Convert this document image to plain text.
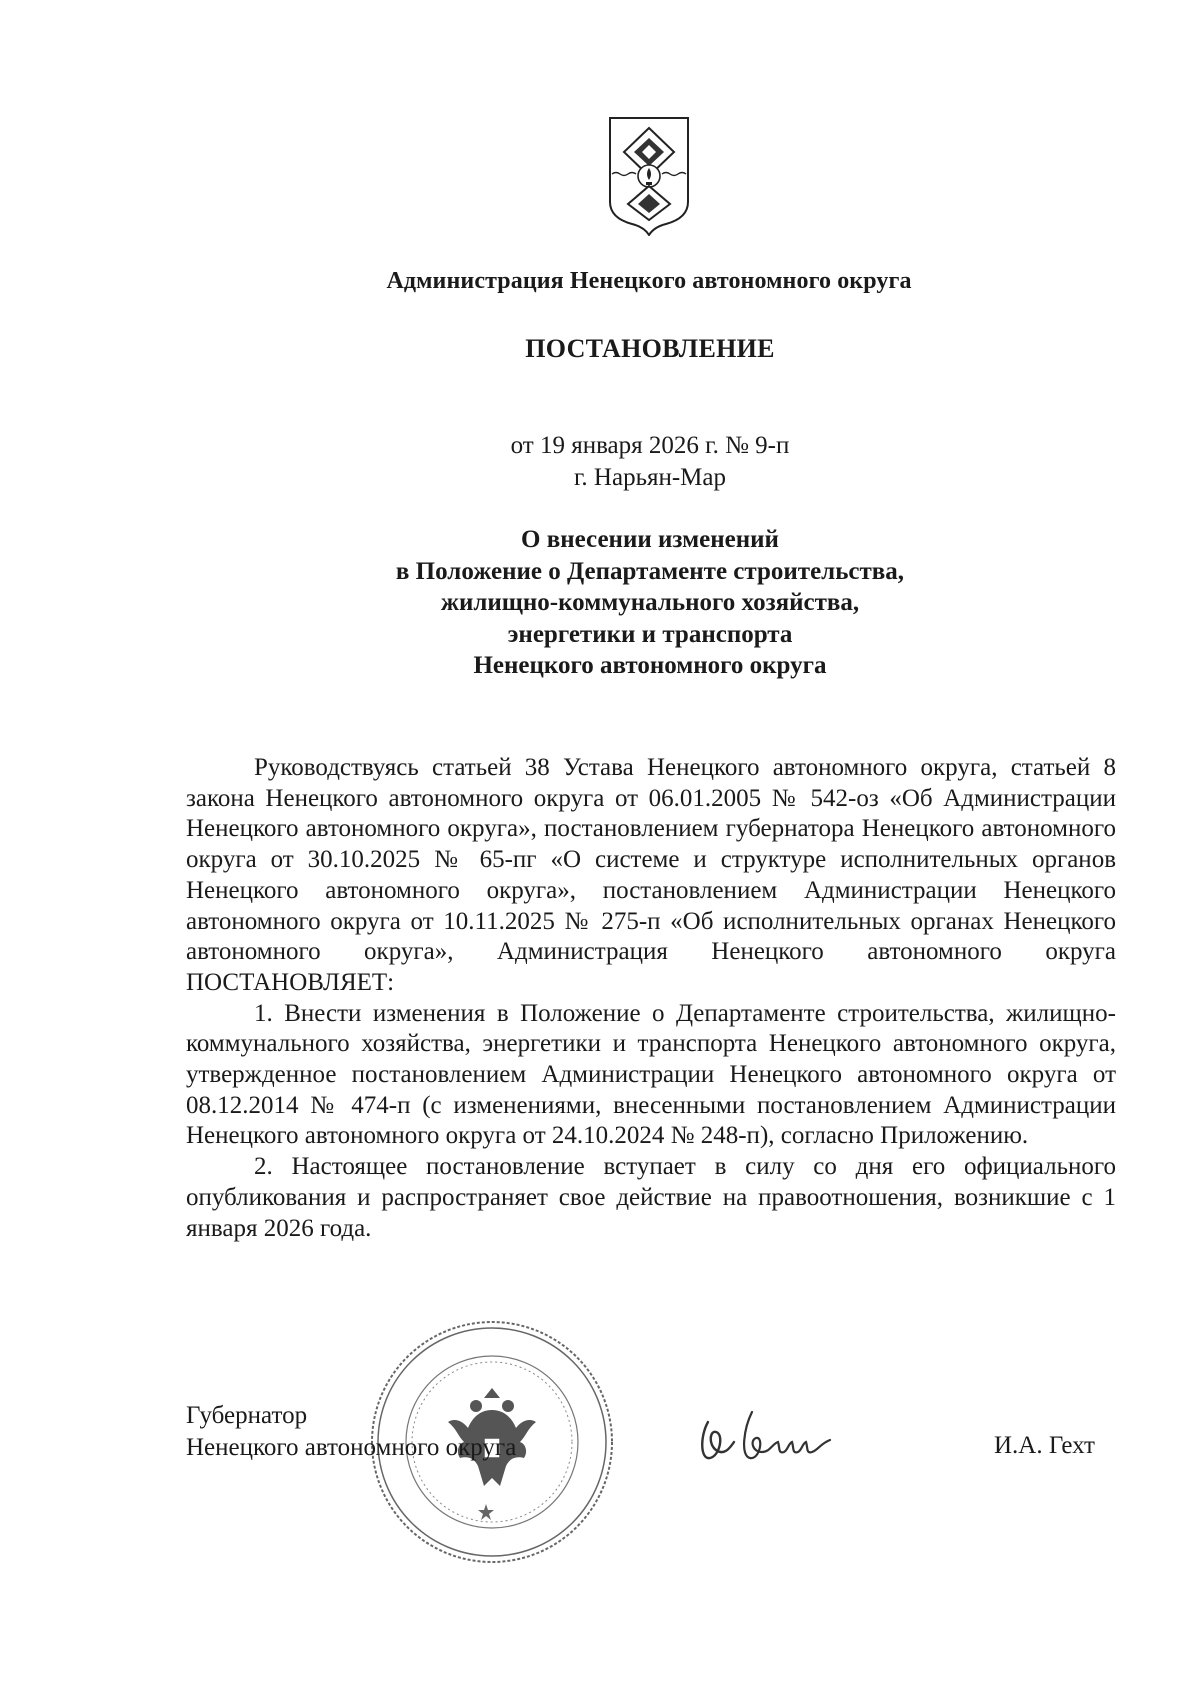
Администрация Ненецкого автономного округа
ПОСТАНОВЛЕНИЕ
от 19 января 2026 г. № 9-п
г. Нарьян-Мар
О внесении изменений
в Положение о Департаменте строительства,
жилищно-коммунального хозяйства,
энергетики и транспорта
Ненецкого автономного округа

Руководствуясь статьей 38 Устава Ненецкого автономного округа, статьей 8 закона Ненецкого автономного округа от 06.01.2005 № 542-оз «Об Администрации Ненецкого автономного округа», постановлением губернатора Ненецкого автономного округа от 30.10.2025 № 65-пг «О системе и структуре исполнительных органов Ненецкого автономного округа», постановлением Администрации Ненецкого автономного округа от 10.11.2025 № 275-п «Об исполнительных органах Ненецкого автономного округа», Администрация Ненецкого автономного округа ПОСТАНОВЛЯЕТ:

1. Внести изменения в Положение о Департаменте строительства, жилищно-коммунального хозяйства, энергетики и транспорта Ненецкого автономного округа, утвержденное постановлением Администрации Ненецкого автономного округа от 08.12.2014 № 474-п (с изменениями, внесенными постановлением Администрации Ненецкого автономного округа от 24.10.2024 № 248-п), согласно Приложению.

2. Настоящее постановление вступает в силу со дня его официального опубликования и распространяет свое действие на правоотношения, возникшие с 1 января 2026 года.

Губернатор
Ненецкого автономного округа	И.А. Гехт
